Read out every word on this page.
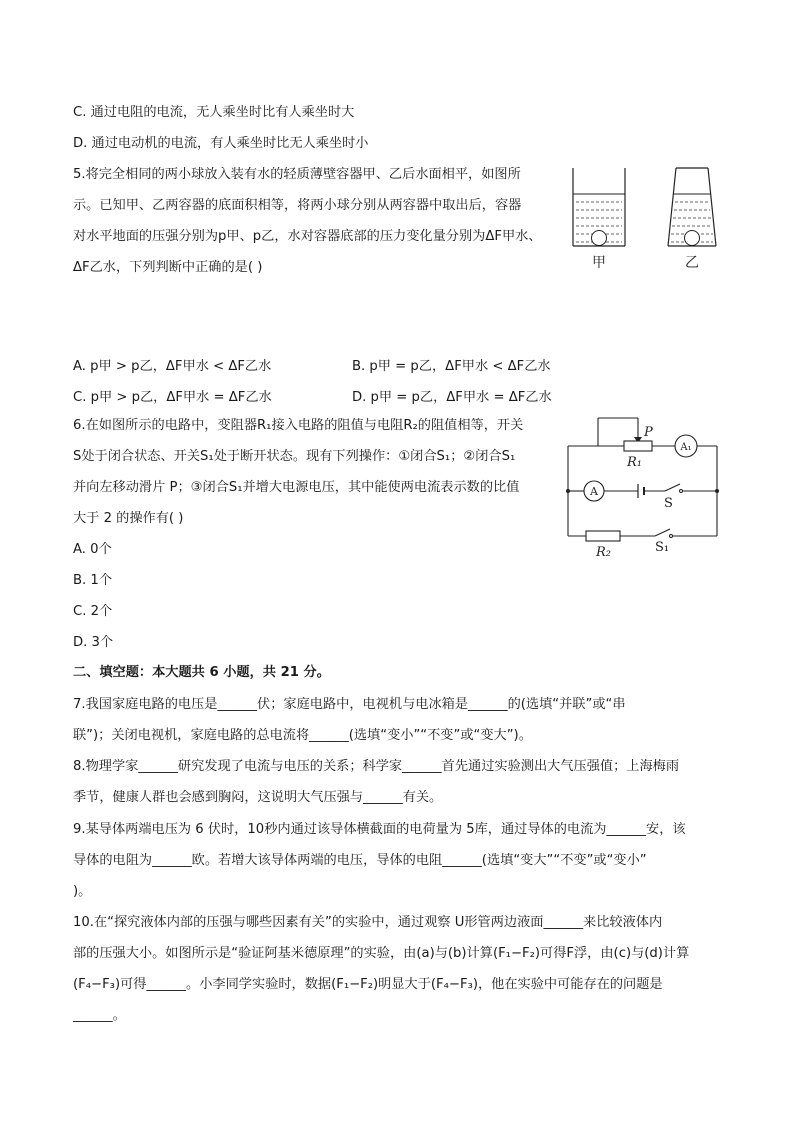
C. 通过电阻的电流，无人乘坐时比有人乘坐时大
D. 通过电动机的电流，有人乘坐时比无人乘坐时小
5.将完全相同的两小球放入装有水的轻质薄壁容器甲、乙后水面相平，如图所
示。已知甲、乙两容器的底面积相等，将两小球分别从两容器中取出后，容器
对水平地面的压强分别为p甲、p乙，水对容器底部的压力变化量分别为ΔF甲水、
ΔF乙水，下列判断中正确的是( )	甲	乙
A. p甲 > p乙，ΔF甲水 < ΔF乙水	B. p甲 = p乙，ΔF甲水 < ΔF乙水
C. p甲 > p乙，ΔF甲水 = ΔF乙水	D. p甲 = p乙，ΔF甲水 = ΔF乙水
6.在如图所示的电路中，变阻器R₁接入电路的阻值与电阻R₂的阻值相等，开关
S处于闭合状态、开关S₁处于断开状态。现有下列操作：①闭合S₁；②闭合S₁
并向左移动滑片 P；③闭合S₁并增大电源电压，其中能使两电流表示数的比值
大于 2 的操作有( )
P
R₁
A₁
A
S
R₂	S₁
A. 0个
B. 1个
C. 2个
D. 3个
二、填空题：本大题共 6 小题，共 21 分。
7.我国家庭电路的电压是______伏；家庭电路中，电视机与电冰箱是______的(选填“并联”或“串
联”)；关闭电视机，家庭电路的总电流将______(选填“变小”“不变”或“变大”)。
8.物理学家______研究发现了电流与电压的关系；科学家______首先通过实验测出大气压强值；上海梅雨
季节，健康人群也会感到胸闷，这说明大气压强与______有关。
9.某导体两端电压为 6 伏时，10秒内通过该导体横截面的电荷量为 5库，通过导体的电流为______安，该
导体的电阻为______欧。若增大该导体两端的电压，导体的电阻______(选填“变大”“不变”或“变小”
)。
10.在“探究液体内部的压强与哪些因素有关”的实验中，通过观察 U形管两边液面______来比较液体内
部的压强大小。如图所示是“验证阿基米德原理”的实验，由(a)与(b)计算(F₁−F₂)可得F浮，由(c)与(d)计算
(F₄−F₃)可得______。小李同学实验时，数据(F₁−F₂)明显大于(F₄−F₃)，他在实验中可能存在的问题是
______。
